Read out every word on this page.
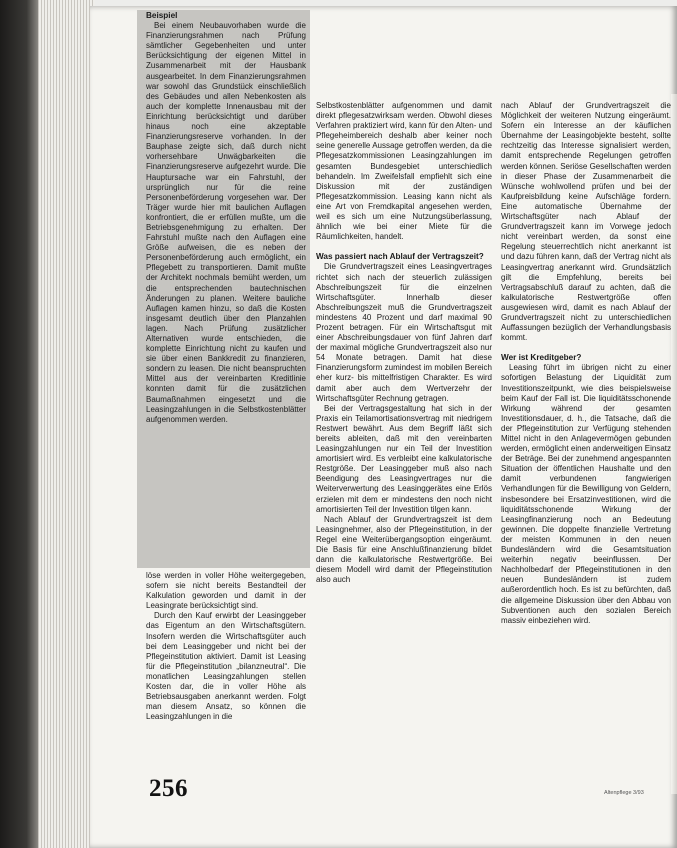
Beispiel

Bei einem Neubauvorhaben wurde die Finanzierungsrahmen nach Prüfung sämtlicher Gegebenheiten und unter Berücksichtigung der eigenen Mittel in Zusammenarbeit mit der Hausbank ausgearbeitet. In dem Finanzierungsrahmen war sowohl das Grundstück einschließlich des Gebäudes und allen Nebenkosten als auch der komplette Innenausbau mit der Einrichtung berücksichtigt und darüber hinaus noch eine akzeptable Finanzierungsreserve vorhanden. In der Bauphase zeigte sich, daß durch nicht vorhersehbare Unwägbarkeiten die Finanzierungsreserve aufgezehrt wurde. Die Hauptursache war ein Fahrstuhl, der ursprünglich nur für die reine Personenbeförderung vorgesehen war. Der Träger wurde hier mit baulichen Auflagen konfrontiert, die er erfüllen mußte, um die Betriebsgenehmigung zu erhalten. Der Fahrstuhl mußte nach den Auflagen eine Größe aufweisen, die es neben der Personenbeförderung auch ermöglicht, ein Pflegebett zu transportieren. Damit mußte der Architekt nochmals bemüht werden, um die entsprechenden bautechnischen Änderungen zu planen. Weitere bauliche Auflagen kamen hinzu, so daß die Kosten insgesamt deutlich über den Planzahlen lagen. Nach Prüfung zusätzlicher Alternativen wurde entschieden, die komplette Einrichtung nicht zu kaufen und sie über einen Bankkredit zu finanzieren, sondern zu leasen. Die nicht beanspruchten Mittel aus der vereinbarten Kreditlinie konnten damit für die zusätzlichen Baumaßnahmen eingesetzt und die Leasingzahlungen in die Selbstkostenblätter aufgenommen werden.

löse werden in voller Höhe weitergegeben, sofern sie nicht bereits Bestandteil der Kalkulation geworden und damit in der Leasingrate berücksichtigt sind.

Durch den Kauf erwirbt der Leasinggeber das Eigentum an den Wirtschaftsgütern. Insofern werden die Wirtschaftsgüter auch bei dem Leasinggeber und nicht bei der Pflegeinstitution aktiviert. Damit ist Leasing für die Pflegeinstitution „bilanzneutral“. Die monatlichen Leasingzahlungen stellen Kosten dar, die in voller Höhe als Betriebsausgaben anerkannt werden. Folgt man diesem Ansatz, so können die Leasingzahlungen in die

Selbstkostenblätter aufgenommen und damit direkt pflegesatzwirksam werden. Obwohl dieses Verfahren praktiziert wird, kann für den Alten- und Pflegeheimbereich deshalb aber keiner noch seine generelle Aussage getroffen werden, da die Pflegesatzkommissionen Leasingzahlungen im gesamten Bundesgebiet unterschiedlich behandeln. Im Zweifelsfall empfiehlt sich eine Diskussion mit der zuständigen Pflegesatzkommission. Leasing kann nicht als eine Art von Fremdkapital angesehen werden, weil es sich um eine Nutzungsüberlassung, ähnlich wie bei einer Miete für die Räumlichkeiten, handelt.

Was passiert nach Ablauf der Vertragszeit?

Die Grundvertragszeit eines Leasingvertrages richtet sich nach der steuerlich zulässigen Abschreibungszeit für die einzelnen Wirtschaftsgüter. Innerhalb dieser Abschreibungszeit muß die Grundvertragszeit mindestens 40 Prozent und darf maximal 90 Prozent betragen. Für ein Wirtschaftsgut mit einer Abschreibungsdauer von fünf Jahren darf der maximal mögliche Grundvertragszeit also nur 54 Monate betragen. Damit hat diese Finanzierungsform zumindest im mobilen Bereich eher kurz- bis mittelfristigen Charakter. Es wird damit aber auch dem Wertverzehr der Wirtschaftsgüter Rechnung getragen.

Bei der Vertragsgestaltung hat sich in der Praxis ein Teilamortisationsvertrag mit niedrigem Restwert bewährt. Aus dem Begriff läßt sich bereits ableiten, daß mit den vereinbarten Leasingzahlungen nur ein Teil der Investition amortisiert wird. Es verbleibt eine kalkulatorische Restgröße. Der Leasinggeber muß also nach Beendigung des Leasingvertrages nur die Weiterverwertung des Leasinggerätes eine Erlös erzielen mit dem er mindestens den noch nicht amortisierten Teil der Investition tilgen kann.

Nach Ablauf der Grundvertragszeit ist dem Leasingnehmer, also der Pflegeinstitution, in der Regel eine Weiterübergangsoption eingeräumt. Die Basis für eine Anschlußfinanzierung bildet dann die kalkulatorische Restwertgröße. Bei diesem Modell wird damit der Pflegeinstitution also auch

nach Ablauf der Grundvertragszeit die Möglichkeit der weiteren Nutzung eingeräumt. Sofern ein Interesse an der käuflichen Übernahme der Leasingobjekte besteht, sollte rechtzeitig das Interesse signalisiert werden, damit entsprechende Regelungen getroffen werden können. Seriöse Gesellschaften werden in dieser Phase der Zusammenarbeit die Wünsche wohlwollend prüfen und bei der Kaufpreisbildung keine Aufschläge fordern. Eine automatische Übernahme der Wirtschaftsgüter nach Ablauf der Grundvertragszeit kann im Vorwege jedoch nicht vereinbart werden, da sonst eine Regelung steuerrechtlich nicht anerkannt ist und dazu führen kann, daß der Vertrag nicht als Leasingvertrag anerkannt wird. Grundsätzlich gilt die Empfehlung, bereits bei Vertragsabschluß darauf zu achten, daß die kalkulatorische Restwertgröße offen ausgewiesen wird, damit es nach Ablauf der Grundvertragszeit nicht zu unterschiedlichen Auffassungen bezüglich der Verhandlungsbasis kommt.

Wer ist Kreditgeber?

Leasing führt im übrigen nicht zu einer sofortigen Belastung der Liquidität zum Investitionszeitpunkt, wie dies beispielsweise beim Kauf der Fall ist. Die liquiditätsschonende Wirkung während der gesamten Investitionsdauer, d. h., die Tatsache, daß die der Pflegeinstitution zur Verfügung stehenden Mittel nicht in den Anlagevermögen gebunden werden, ermöglicht einen anderweitigen Einsatz der Beträge. Bei der zunehmend angespannten Situation der öffentlichen Haushalte und den damit verbundenen fangwierigen Verhandlungen für die Bewilligung von Geldern, insbesondere bei Ersatzinvestitionen, wird die liquiditätsschonende Wirkung der Leasingfinanzierung noch an Bedeutung gewinnen. Die doppelte finanzielle Vertretung der meisten Kommunen in den neuen Bundesländern wird die Gesamtsituation weiterhin negativ beeinflussen. Der Nachholbedarf der Pflegeinstitutionen in den neuen Bundesländern ist zudem außerordentlich hoch. Es ist zu befürchten, daß die allgemeine Diskussion über den Abbau von Subventionen auch den sozialen Bereich massiv einbeziehen wird.

256	Altenpflege 3/93
